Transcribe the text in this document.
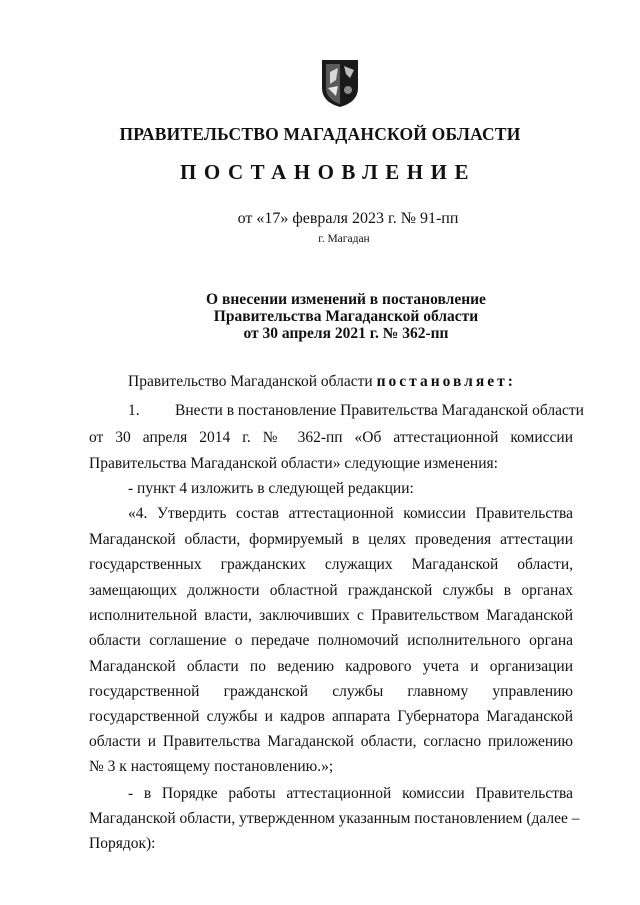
ПРАВИТЕЛЬСТВО МАГАДАНСКОЙ ОБЛАСТИ
ПОСТАНОВЛЕНИЕ
от «17» февраля 2023 г. № 91-пп
г. Магадан
О внесении изменений в постановление
Правительства Магаданской области
от 30 апреля 2021 г. № 362-пп
Правительство Магаданской области постановляет:
1. Внести в постановление Правительства Магаданской области
от 30 апреля 2014 г. № 362-пп «Об аттестационной комиссии
Правительства Магаданской области» следующие изменения:
- пункт 4 изложить в следующей редакции:
«4. Утвердить состав аттестационной комиссии Правительства
Магаданской области, формируемый в целях проведения аттестации
государственных гражданских служащих Магаданской области,
замещающих должности областной гражданской службы в органах
исполнительной власти, заключивших с Правительством Магаданской
области соглашение о передаче полномочий исполнительного органа
Магаданской области по ведению кадрового учета и организации
государственной гражданской службы главному управлению
государственной службы и кадров аппарата Губернатора Магаданской
области и Правительства Магаданской области, согласно приложению
№ 3 к настоящему постановлению.»;
- в Порядке работы аттестационной комиссии Правительства
Магаданской области, утвержденном указанным постановлением (далее –
Порядок):
